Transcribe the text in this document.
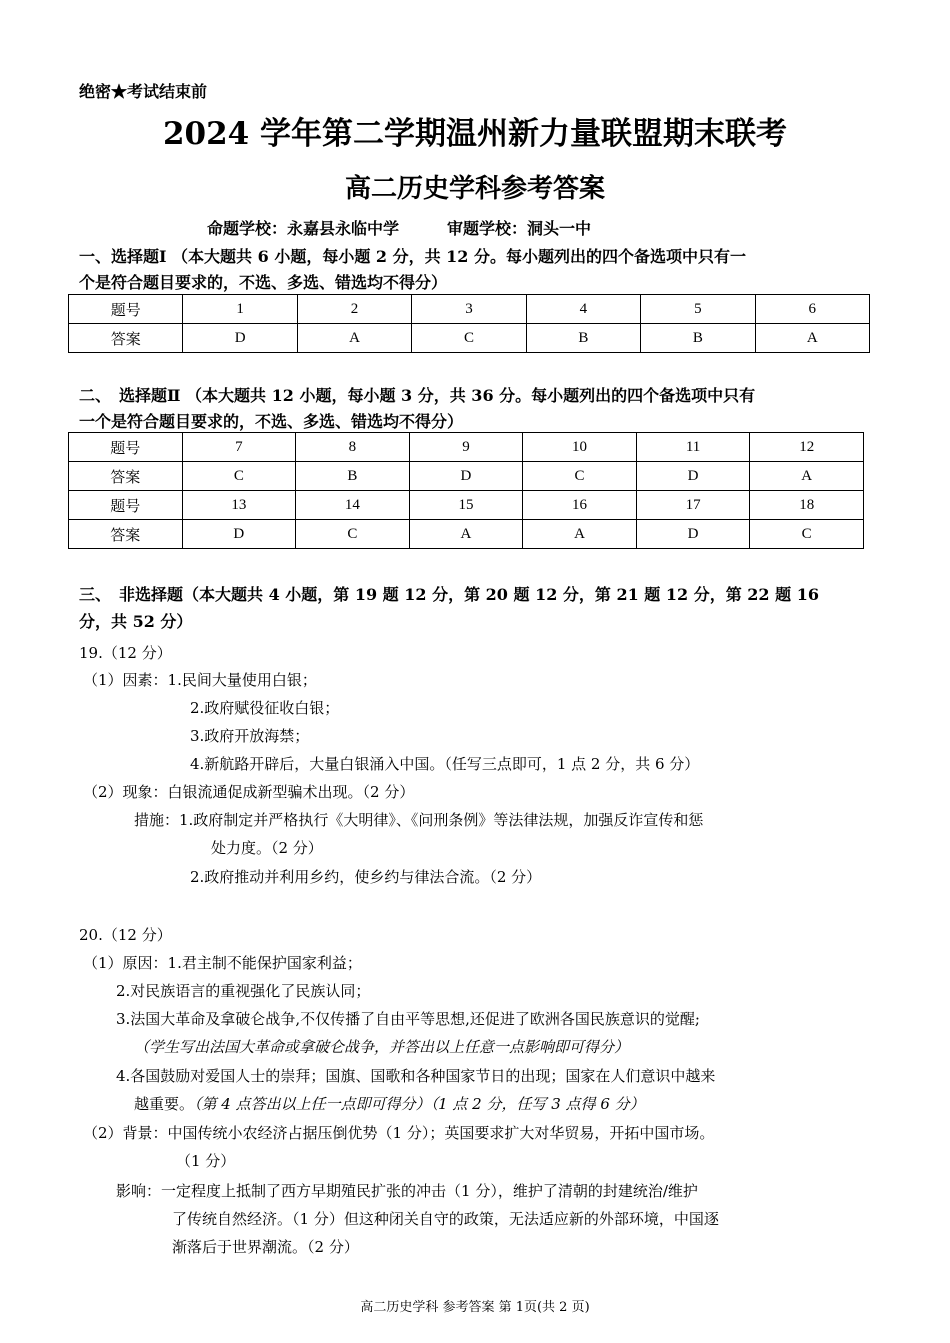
绝密★考试结束前
2024 学年第二学期温州新力量联盟期末联考
高二历史学科参考答案
命题学校：永嘉县永临中学　　　审题学校：洞头一中
一、选择题Ⅰ （本大题共 6 小题，每小题 2 分，共 12 分。每小题列出的四个备选项中只有一
个是符合题目要求的，不选、多选、错选均不得分）
题号	1	2	3	4	5	6
答案	D	A	C	B	B	A
二、　选择题Ⅱ （本大题共 12 小题，每小题 3 分，共 36 分。每小题列出的四个备选项中只有
一个是符合题目要求的，不选、多选、错选均不得分）
题号	7	8	9	10	11	12
答案	C	B	D	C	D	A
题号	13	14	15	16	17	18
答案	D	C	A	A	D	C
三、　非选择题（本大题共 4 小题，第 19 题 12 分，第 20 题 12 分，第 21 题 12 分，第 22 题 16
分，共 52 分）
19.（12 分）
（1）因素：1.民间大量使用白银；
2.政府赋役征收白银；
3.政府开放海禁；
4.新航路开辟后，大量白银涌入中国。（任写三点即可，1 点 2 分，共 6 分）
（2）现象：白银流通促成新型骗术出现。（2 分）
措施：1.政府制定并严格执行《大明律》、《问刑条例》等法律法规，加强反诈宣传和惩
处力度。（2 分）
2.政府推动并利用乡约，使乡约与律法合流。（2 分）
20.（12 分）
（1）原因：1.君主制不能保护国家利益；
2.对民族语言的重视强化了民族认同；
3.法国大革命及拿破仑战争,不仅传播了自由平等思想,还促进了欧洲各国民族意识的觉醒;
（学生写出法国大革命或拿破仑战争，并答出以上任意一点影响即可得分）
4.各国鼓励对爱国人士的崇拜；国旗、国歌和各种国家节日的出现；国家在人们意识中越来
越重要。（第 4 点答出以上任一点即可得分）（1 点 2 分，任写 3 点得 6 分）
（2）背景：中国传统小农经济占据压倒优势（1 分）；英国要求扩大对华贸易，开拓中国市场。
（1 分）
影响：一定程度上抵制了西方早期殖民扩张的冲击（1 分），维护了清朝的封建统治/维护
了传统自然经济。（1 分）但这种闭关自守的政策，无法适应新的外部环境，中国逐
渐落后于世界潮流。（2 分）
高二历史学科 参考答案 第 1页(共 2 页)
